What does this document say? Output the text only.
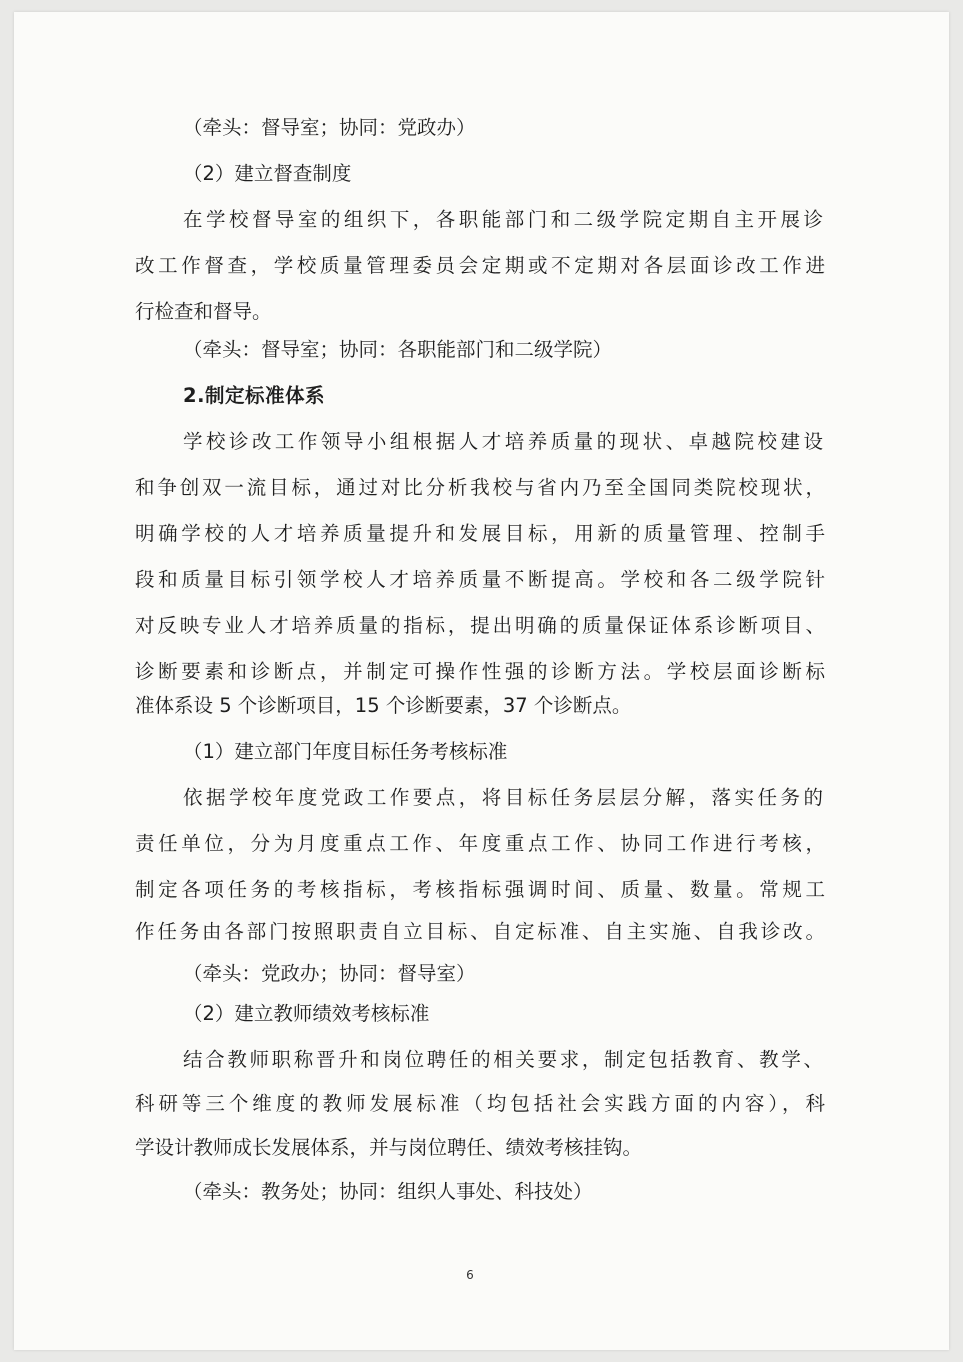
（牵头：督导室；协同：党政办）
（2）建立督查制度
在学校督导室的组织下，各职能部门和二级学院定期自主开展诊
改工作督查，学校质量管理委员会定期或不定期对各层面诊改工作进
行检查和督导。
（牵头：督导室；协同：各职能部门和二级学院）
2.制定标准体系
学校诊改工作领导小组根据人才培养质量的现状、卓越院校建设
和争创双一流目标，通过对比分析我校与省内乃至全国同类院校现状，
明确学校的人才培养质量提升和发展目标，用新的质量管理、控制手
段和质量目标引领学校人才培养质量不断提高。学校和各二级学院针
对反映专业人才培养质量的指标，提出明确的质量保证体系诊断项目、
诊断要素和诊断点，并制定可操作性强的诊断方法。学校层面诊断标
准体系设 5 个诊断项目，15 个诊断要素，37 个诊断点。
（1）建立部门年度目标任务考核标准
依据学校年度党政工作要点，将目标任务层层分解，落实任务的
责任单位，分为月度重点工作、年度重点工作、协同工作进行考核，
制定各项任务的考核指标，考核指标强调时间、质量、数量。常规工
作任务由各部门按照职责自立目标、自定标准、自主实施、自我诊改。
（牵头：党政办；协同：督导室）
（2）建立教师绩效考核标准
结合教师职称晋升和岗位聘任的相关要求，制定包括教育、教学、
科研等三个维度的教师发展标准（均包括社会实践方面的内容），科
学设计教师成长发展体系，并与岗位聘任、绩效考核挂钩。
（牵头：教务处；协同：组织人事处、科技处）
6
